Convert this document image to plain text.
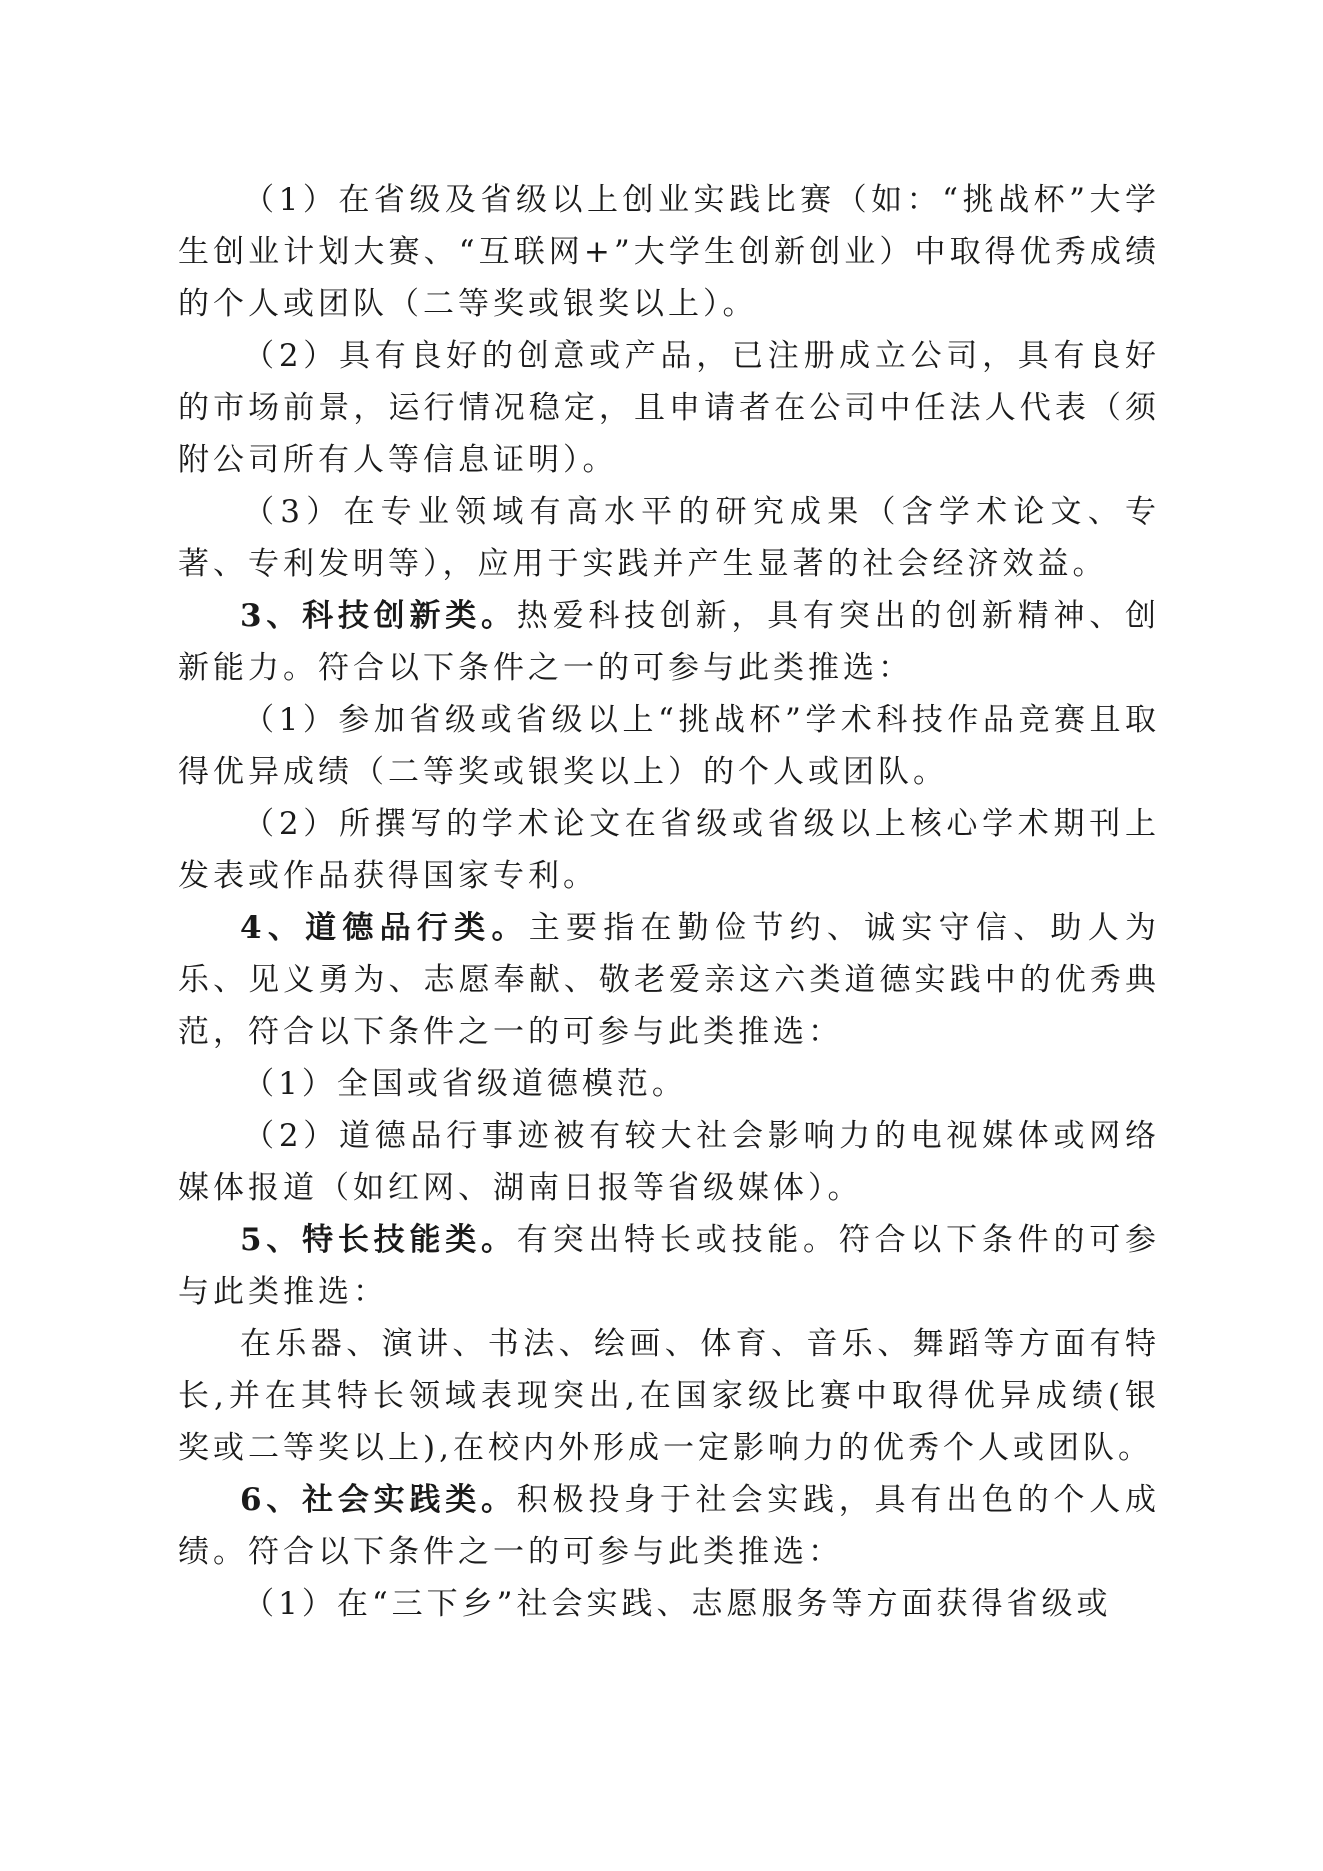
（1）在省级及省级以上创业实践比赛（如：“挑战杯”大学生创业计划大赛、“互联网+”大学生创新创业）中取得优秀成绩的个人或团队（二等奖或银奖以上）。

（2）具有良好的创意或产品，已注册成立公司，具有良好的市场前景，运行情况稳定，且申请者在公司中任法人代表（须附公司所有人等信息证明）。

（3）在专业领域有高水平的研究成果（含学术论文、专著、专利发明等），应用于实践并产生显著的社会经济效益。

3、科技创新类。热爱科技创新，具有突出的创新精神、创新能力。符合以下条件之一的可参与此类推选：

（1）参加省级或省级以上“挑战杯”学术科技作品竞赛且取得优异成绩（二等奖或银奖以上）的个人或团队。

（2）所撰写的学术论文在省级或省级以上核心学术期刊上发表或作品获得国家专利。

4、道德品行类。主要指在勤俭节约、诚实守信、助人为乐、见义勇为、志愿奉献、敬老爱亲这六类道德实践中的优秀典范，符合以下条件之一的可参与此类推选：

（1）全国或省级道德模范。

（2）道德品行事迹被有较大社会影响力的电视媒体或网络媒体报道（如红网、湖南日报等省级媒体）。

5、特长技能类。有突出特长或技能。符合以下条件的可参与此类推选：

在乐器、演讲、书法、绘画、体育、音乐、舞蹈等方面有特长,并在其特长领域表现突出,在国家级比赛中取得优异成绩(银奖或二等奖以上),在校内外形成一定影响力的优秀个人或团队。

6、社会实践类。积极投身于社会实践，具有出色的个人成绩。符合以下条件之一的可参与此类推选：

（1）在“三下乡”社会实践、志愿服务等方面获得省级或
